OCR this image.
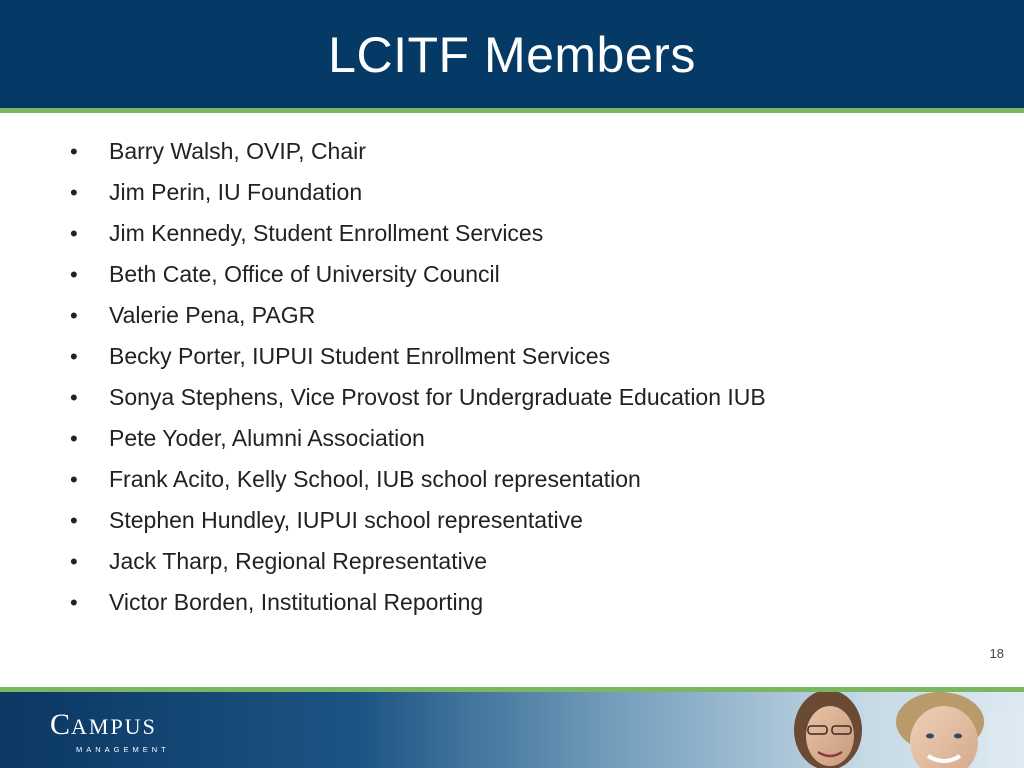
LCITF Members
•	Barry Walsh, OVIP, Chair
•	Jim Perin, IU Foundation
•	Jim Kennedy, Student Enrollment Services
•	Beth Cate, Office of University Council
•	Valerie Pena, PAGR
•	Becky Porter, IUPUI Student Enrollment Services
•	Sonya Stephens, Vice Provost for Undergraduate Education IUB
•	Pete Yoder, Alumni Association
•	Frank Acito, Kelly School, IUB school representation
•	Stephen Hundley, IUPUI school representative
•	Jack Tharp, Regional Representative
•	Victor Borden, Institutional Reporting
18
C
AMPUS
MANAGEMENT
